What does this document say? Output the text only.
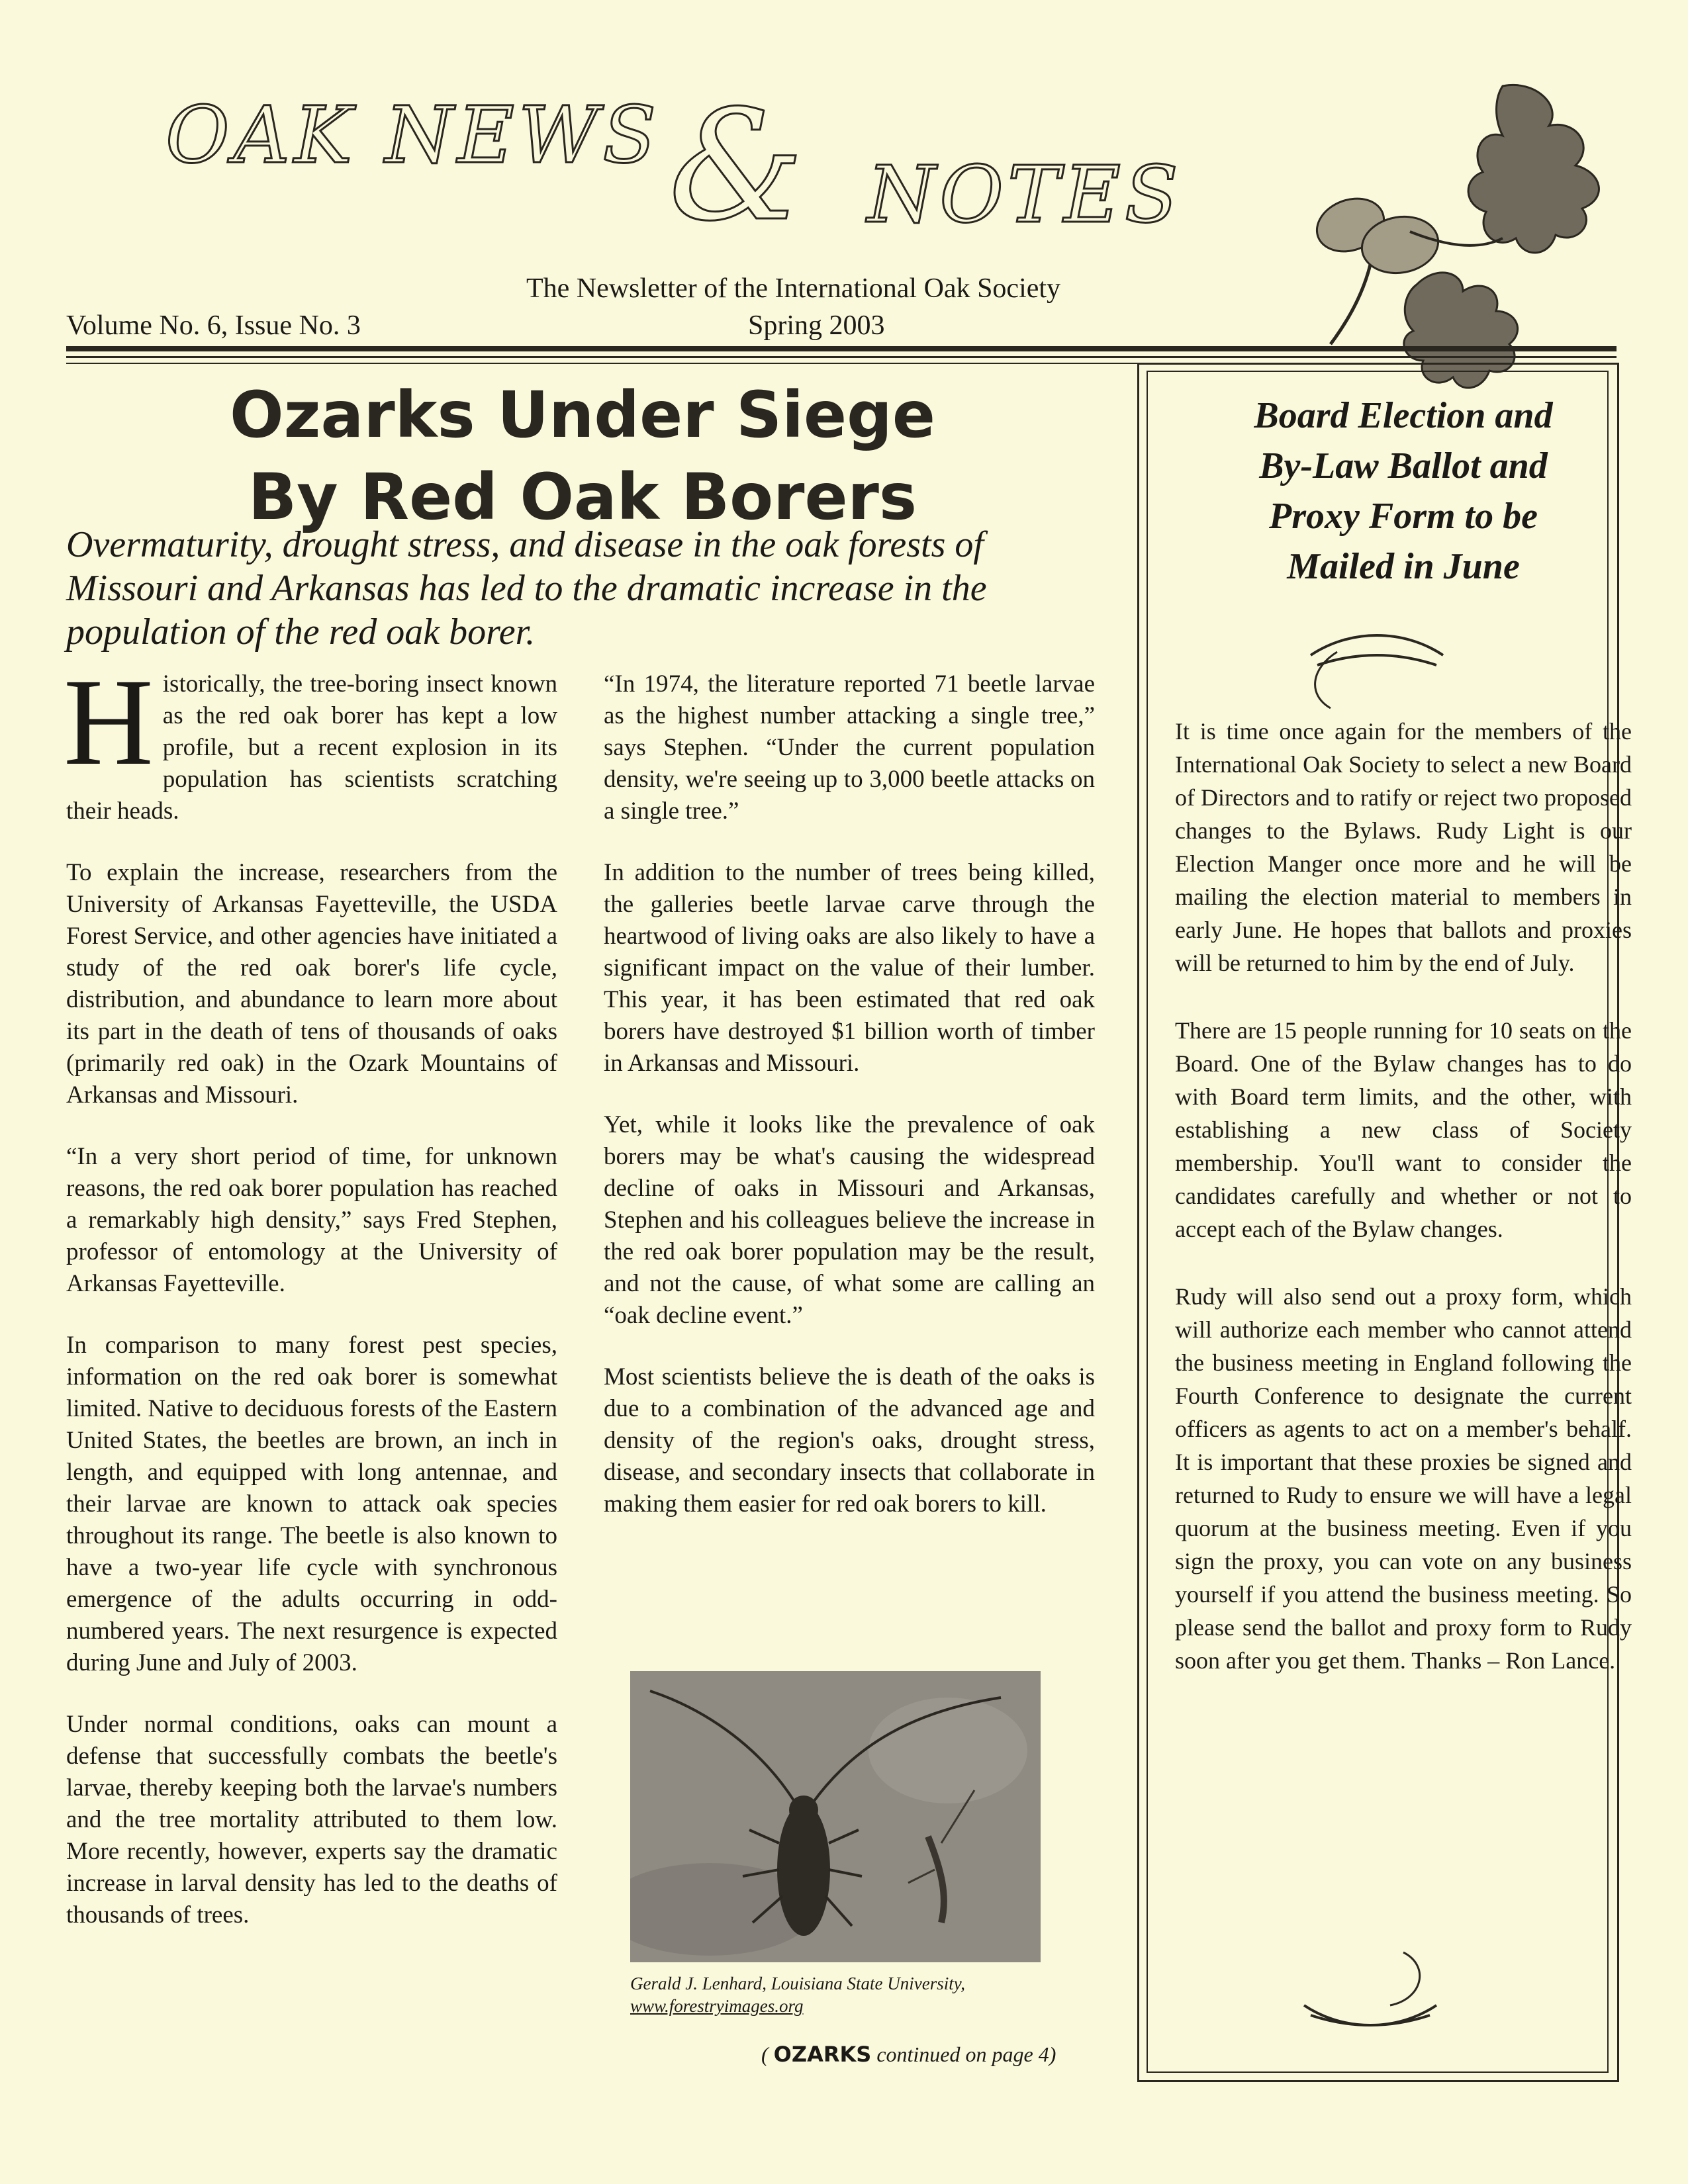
OAK NEWS & NOTES
The Newsletter of the International Oak Society
Volume No. 6, Issue No. 3	Spring 2003
Ozarks Under Siege
By Red Oak Borers
Overmaturity, drought stress, and disease in the oak forests of Missouri and Arkansas has led to the dramatic increase in the population of the red oak borer.

Historically, the tree-boring insect known as the red oak borer has kept a low profile, but a recent explosion in its population has scientists scratching their heads.

To explain the increase, researchers from the University of Arkansas Fayetteville, the USDA Forest Service, and other agencies have initiated a study of the red oak borer's life cycle, distribution, and abundance to learn more about its part in the death of tens of thousands of oaks (primarily red oak) in the Ozark Mountains of Arkansas and Missouri.

“In a very short period of time, for unknown reasons, the red oak borer population has reached a remarkably high density,” says Fred Stephen, professor of entomology at the University of Arkansas Fayetteville.

In comparison to many forest pest species, information on the red oak borer is somewhat limited. Native to deciduous forests of the Eastern United States, the beetles are brown, an inch in length, and equipped with long antennae, and their larvae are known to attack oak species throughout its range. The beetle is also known to have a two-year life cycle with synchronous emergence of the adults occurring in odd-numbered years. The next resurgence is expected during June and July of 2003.

Under normal conditions, oaks can mount a defense that successfully combats the beetle's larvae, thereby keeping both the larvae's numbers and the tree mortality attributed to them low. More recently, however, experts say the dramatic increase in larval density has led to the deaths of thousands of trees.

“In 1974, the literature reported 71 beetle larvae as the highest number attacking a single tree,” says Stephen. “Under the current population density, we're seeing up to 3,000 beetle attacks on a single tree.”

In addition to the number of trees being killed, the galleries beetle larvae carve through the heartwood of living oaks are also likely to have a significant impact on the value of their lumber. This year, it has been estimated that red oak borers have destroyed $1 billion worth of timber in Arkansas and Missouri.

Yet, while it looks like the prevalence of oak borers may be what's causing the widespread decline of oaks in Missouri and Arkansas, Stephen and his colleagues believe the increase in the red oak borer population may be the result, and not the cause, of what some are calling an “oak decline event.”

Most scientists believe the is death of the oaks is due to a combination of the advanced age and density of the region's oaks, drought stress, disease, and secondary insects that collaborate in making them easier for red oak borers to kill.

Gerald J. Lenhard, Louisiana State University,
www.forestryimages.org
( OZARKS continued on page 4)
Board Election and
By-Law Ballot and
Proxy Form to be
Mailed in June

It is time once again for the members of the International Oak Society to select a new Board of Directors and to ratify or reject two proposed changes to the Bylaws. Rudy Light is our Election Manger once more and he will be mailing the election material to members in early June. He hopes that ballots and proxies will be returned to him by the end of July.

There are 15 people running for 10 seats on the Board. One of the Bylaw changes has to do with Board term limits, and the other, with establishing a new class of Society membership. You'll want to consider the candidates carefully and whether or not to accept each of the Bylaw changes.

Rudy will also send out a proxy form, which will authorize each member who cannot attend the business meeting in England following the Fourth Conference to designate the current officers as agents to act on a member's behalf. It is important that these proxies be signed and returned to Rudy to ensure we will have a legal quorum at the business meeting. Even if you sign the proxy, you can vote on any business yourself if you attend the business meeting. So please send the ballot and proxy form to Rudy soon after you get them. Thanks – Ron Lance.
